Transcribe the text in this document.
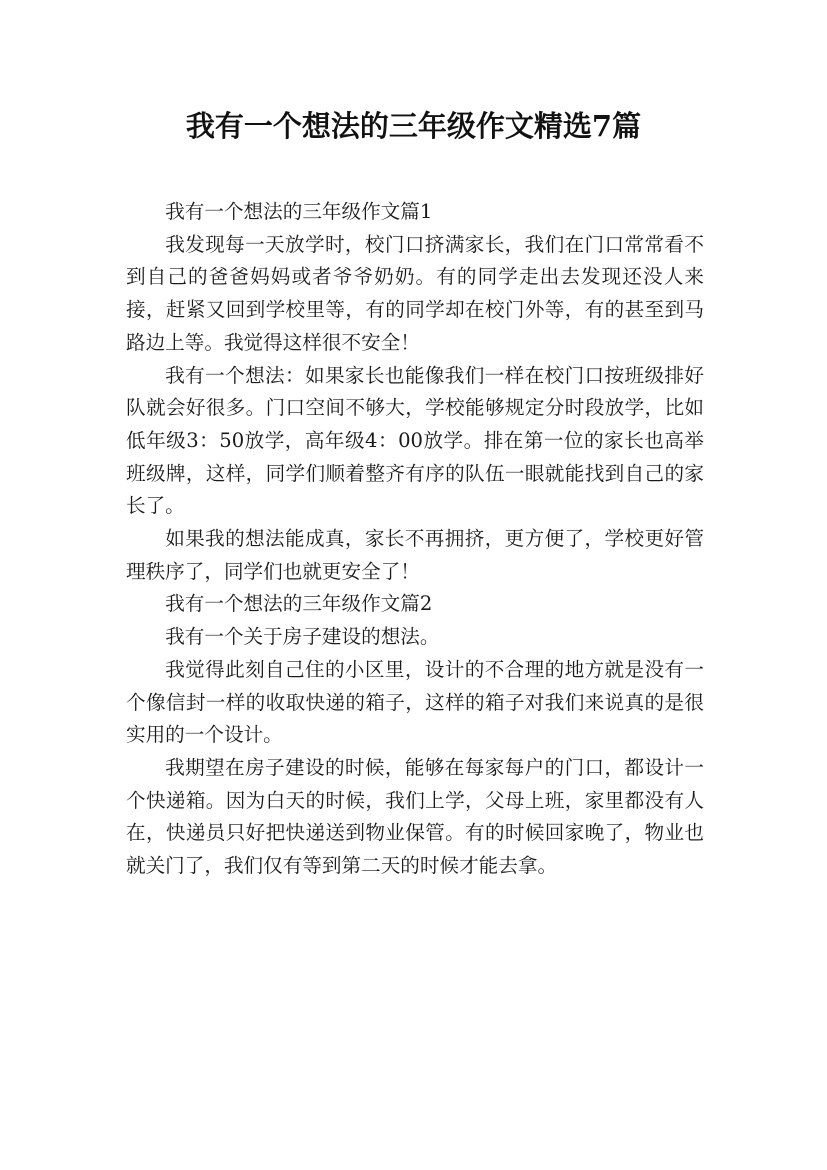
我有一个想法的三年级作文精选7篇

我有一个想法的三年级作文篇1

我发现每一天放学时，校门口挤满家长，我们在门口常常看不到自己的爸爸妈妈或者爷爷奶奶。有的同学走出去发现还没人来接，赶紧又回到学校里等，有的同学却在校门外等，有的甚至到马路边上等。我觉得这样很不安全！

我有一个想法：如果家长也能像我们一样在校门口按班级排好队就会好很多。门口空间不够大，学校能够规定分时段放学，比如低年级3：50放学，高年级4：00放学。排在第一位的家长也高举班级牌，这样，同学们顺着整齐有序的队伍一眼就能找到自己的家长了。

如果我的想法能成真，家长不再拥挤，更方便了，学校更好管理秩序了，同学们也就更安全了！

我有一个想法的三年级作文篇2

我有一个关于房子建设的想法。

我觉得此刻自己住的小区里，设计的不合理的地方就是没有一个像信封一样的收取快递的箱子，这样的箱子对我们来说真的是很实用的一个设计。

我期望在房子建设的时候，能够在每家每户的门口，都设计一个快递箱。因为白天的时候，我们上学，父母上班，家里都没有人在，快递员只好把快递送到物业保管。有的时候回家晚了，物业也就关门了，我们仅有等到第二天的时候才能去拿。
